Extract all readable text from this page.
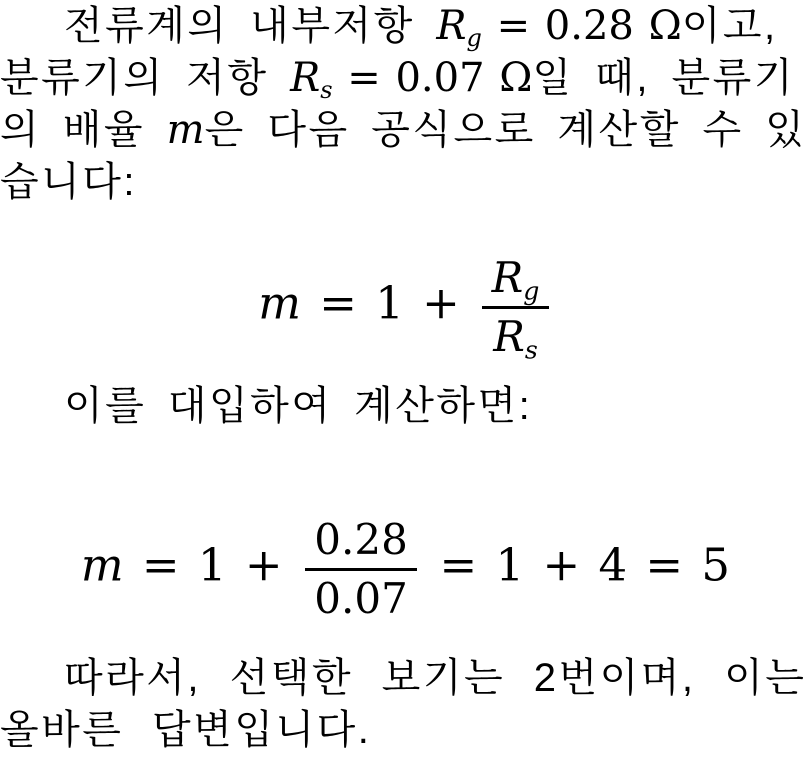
전류계의 내부저항 $R_g = 0.28$ Ω이고, 분류기의 저항 $R_s = 0.07$ Ω일 때, 분류기의 배율 m은 다음 공식으로 계산할 수 있습니다:

$m = 1 + \frac{R_g}{R_s}$

이를 대입하여 계산하면:

$m = 1 + \frac{0.28}{0.07} = 1 + 4 = 5$

따라서, 선택한 보기는 2번이며, 이는 올바른 답변입니다.
